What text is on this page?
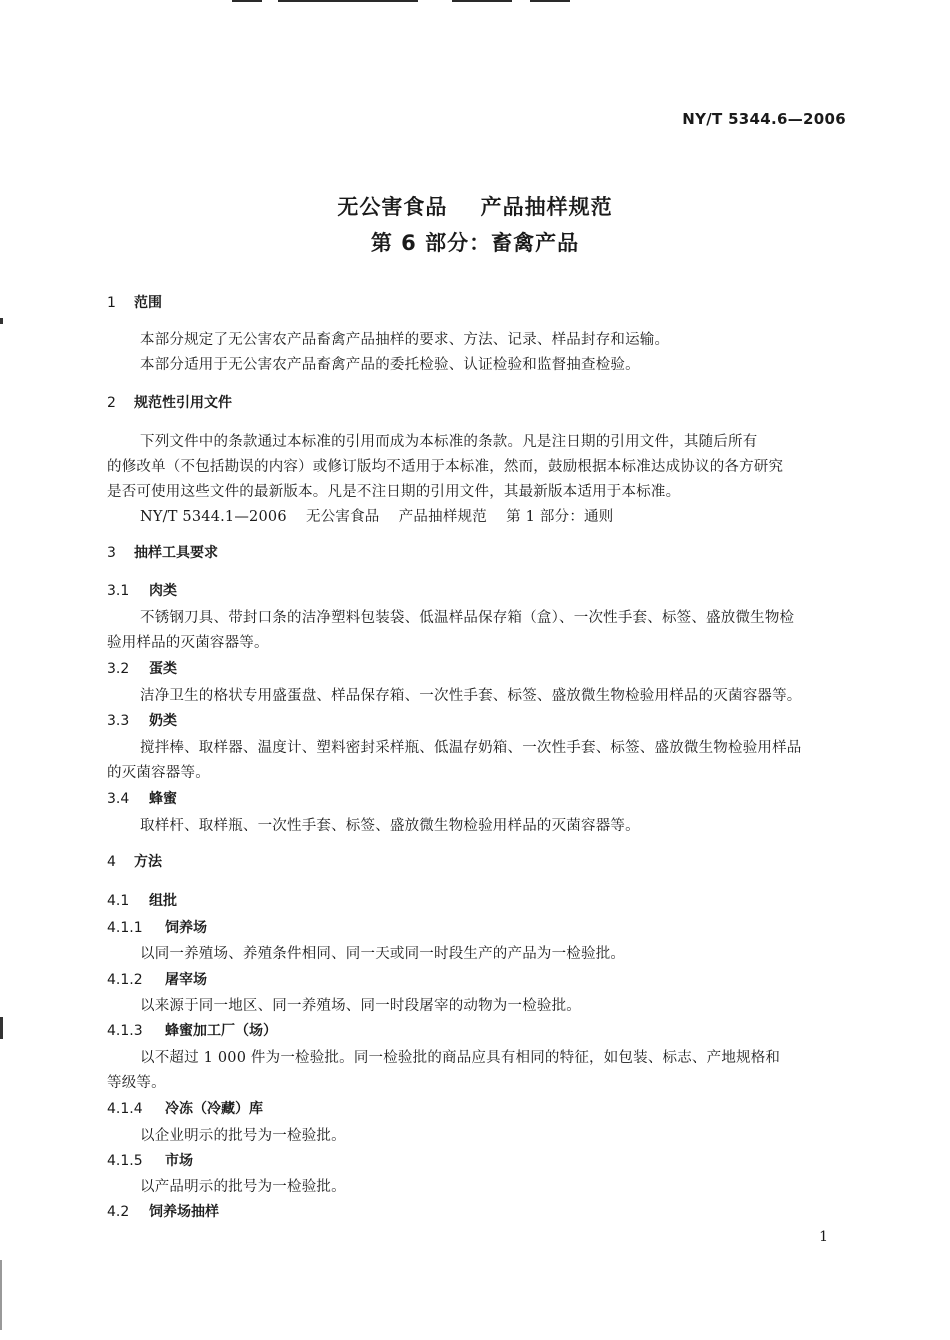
NY/T 5344.6—2006
无公害食品    产品抽样规范
第 6 部分：畜禽产品
1 范围
本部分规定了无公害农产品畜禽产品抽样的要求、方法、记录、样品封存和运输。
本部分适用于无公害农产品畜禽产品的委托检验、认证检验和监督抽查检验。
2 规范性引用文件
下列文件中的条款通过本标准的引用而成为本标准的条款。凡是注日期的引用文件，其随后所有
的修改单（不包括勘误的内容）或修订版均不适用于本标准，然而，鼓励根据本标准达成协议的各方研究
是否可使用这些文件的最新版本。凡是不注日期的引用文件，其最新版本适用于本标准。
NY/T 5344.1—2006    无公害食品    产品抽样规范    第 1 部分：通则
3 抽样工具要求
3.1 肉类
不锈钢刀具、带封口条的洁净塑料包装袋、低温样品保存箱（盒）、一次性手套、标签、盛放微生物检
验用样品的灭菌容器等。
3.2 蛋类
洁净卫生的格状专用盛蛋盘、样品保存箱、一次性手套、标签、盛放微生物检验用样品的灭菌容器等。
3.3 奶类
搅拌棒、取样器、温度计、塑料密封采样瓶、低温存奶箱、一次性手套、标签、盛放微生物检验用样品
的灭菌容器等。
3.4 蜂蜜
取样杆、取样瓶、一次性手套、标签、盛放微生物检验用样品的灭菌容器等。
4 方法
4.1 组批
4.1.1 饲养场
以同一养殖场、养殖条件相同、同一天或同一时段生产的产品为一检验批。
4.1.2 屠宰场
以来源于同一地区、同一养殖场、同一时段屠宰的动物为一检验批。
4.1.3 蜂蜜加工厂（场）
以不超过 1 000 件为一检验批。同一检验批的商品应具有相同的特征，如包装、标志、产地规格和
等级等。
4.1.4 冷冻（冷藏）库
以企业明示的批号为一检验批。
4.1.5 市场
以产品明示的批号为一检验批。
4.2 饲养场抽样
1
